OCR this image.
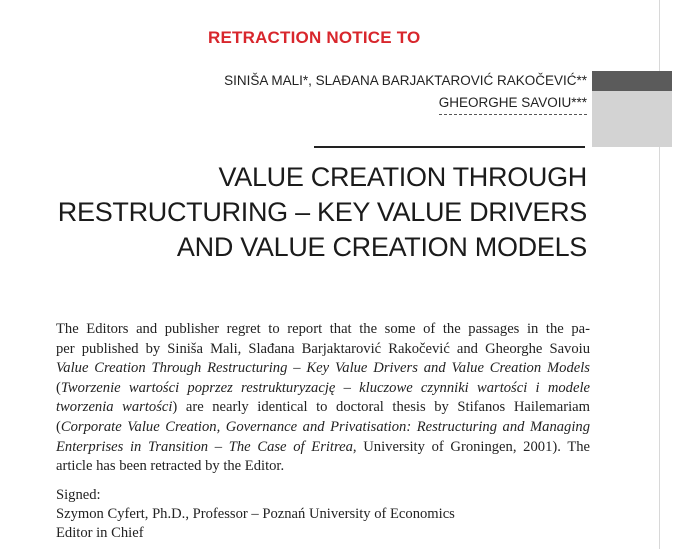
RETRACTION NOTICE TO
SINIŠA MALI*, SLAĐANA BARJAKTAROVIĆ RAKOČEVIĆ**
GHEORGHE SAVOIU***
VALUE CREATION THROUGH
RESTRUCTURING – KEY VALUE DRIVERS
AND VALUE CREATION MODELS
The Editors and publisher regret to report that the some of the passages in the pa-
per published by Siniša Mali, Slađana Barjaktarović Rakočević and Gheorghe Savoiu
Value Creation Through Restructuring – Key Value Drivers and Value Creation Models
(Tworzenie wartości poprzez restrukturyzację – kluczowe czynniki wartości i modele
tworzenia wartości) are nearly identical to doctoral thesis by Stifanos Hailemariam
(Corporate Value Creation, Governance and Privatisation: Restructuring and Managing
Enterprises in Transition – The Case of Eritrea, University of Groningen, 2001). The
article has been retracted by the Editor.
Signed:
Szymon Cyfert, Ph.D., Professor – Poznań University of Economics
Editor in Chief
